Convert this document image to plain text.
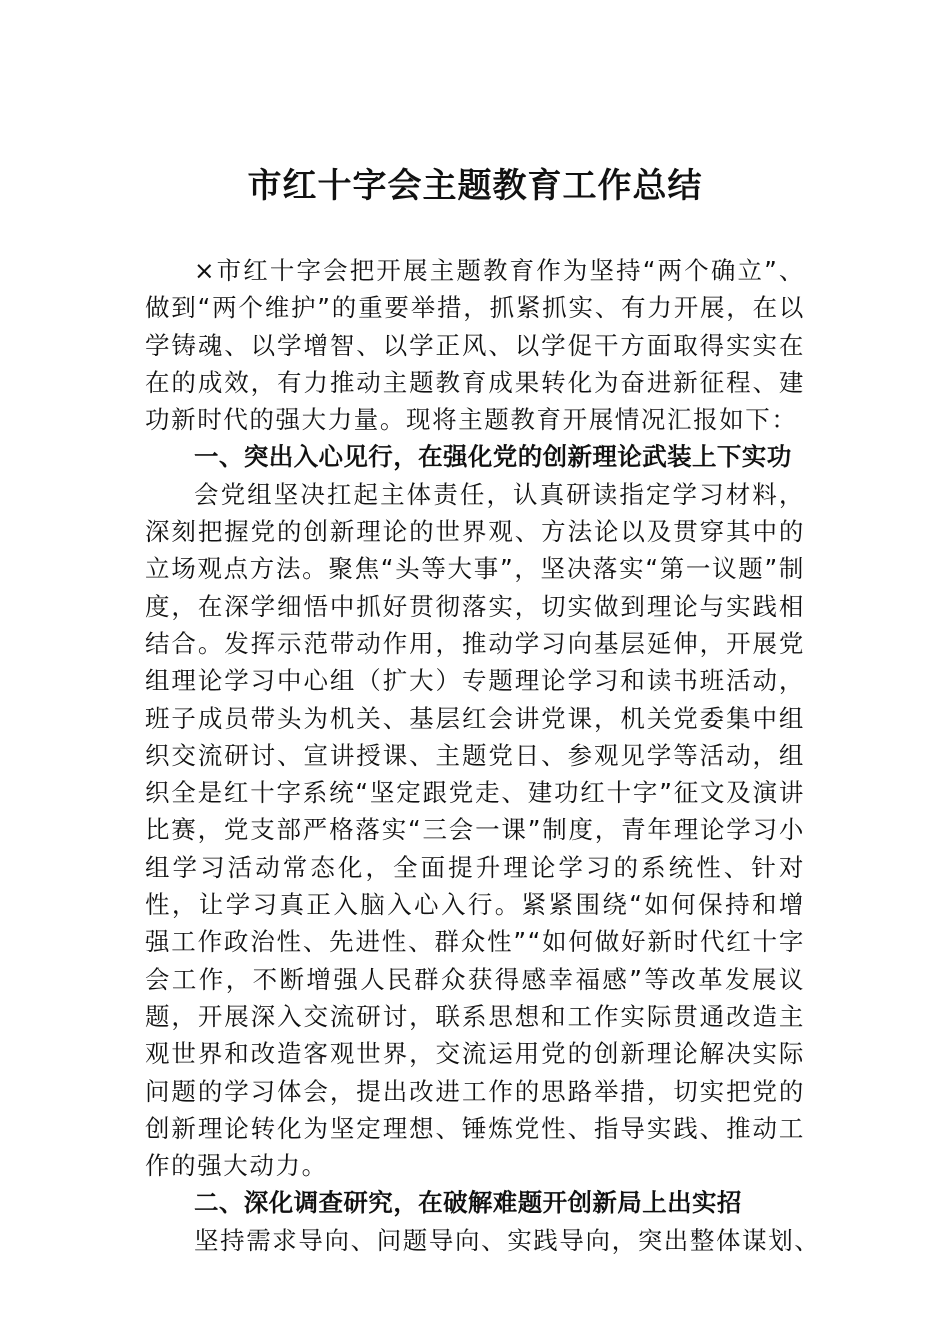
市红十字会主题教育工作总结

×市红十字会把开展主题教育作为坚持“两个确立”、做到“两个维护”的重要举措，抓紧抓实、有力开展，在以学铸魂、以学增智、以学正风、以学促干方面取得实实在在的成效，有力推动主题教育成果转化为奋进新征程、建功新时代的强大力量。现将主题教育开展情况汇报如下：

一、突出入心见行，在强化党的创新理论武装上下实功

会党组坚决扛起主体责任，认真研读指定学习材料，深刻把握党的创新理论的世界观、方法论以及贯穿其中的立场观点方法。聚焦“头等大事”，坚决落实“第一议题”制度，在深学细悟中抓好贯彻落实，切实做到理论与实践相结合。发挥示范带动作用，推动学习向基层延伸，开展党组理论学习中心组（扩大）专题理论学习和读书班活动，班子成员带头为机关、基层红会讲党课，机关党委集中组织交流研讨、宣讲授课、主题党日、参观见学等活动，组织全是红十字系统“坚定跟党走、建功红十字”征文及演讲比赛，党支部严格落实“三会一课”制度，青年理论学习小组学习活动常态化，全面提升理论学习的系统性、针对性，让学习真正入脑入心入行。紧紧围绕“如何保持和增强工作政治性、先进性、群众性”“如何做好新时代红十字会工作，不断增强人民群众获得感幸福感”等改革发展议题，开展深入交流研讨，联系思想和工作实际贯通改造主观世界和改造客观世界，交流运用党的创新理论解决实际问题的学习体会，提出改进工作的思路举措，切实把党的创新理论转化为坚定理想、锤炼党性、指导实践、推动工作的强大动力。

二、深化调查研究，在破解难题开创新局上出实招

坚持需求导向、问题导向、实践导向，突出整体谋划、
